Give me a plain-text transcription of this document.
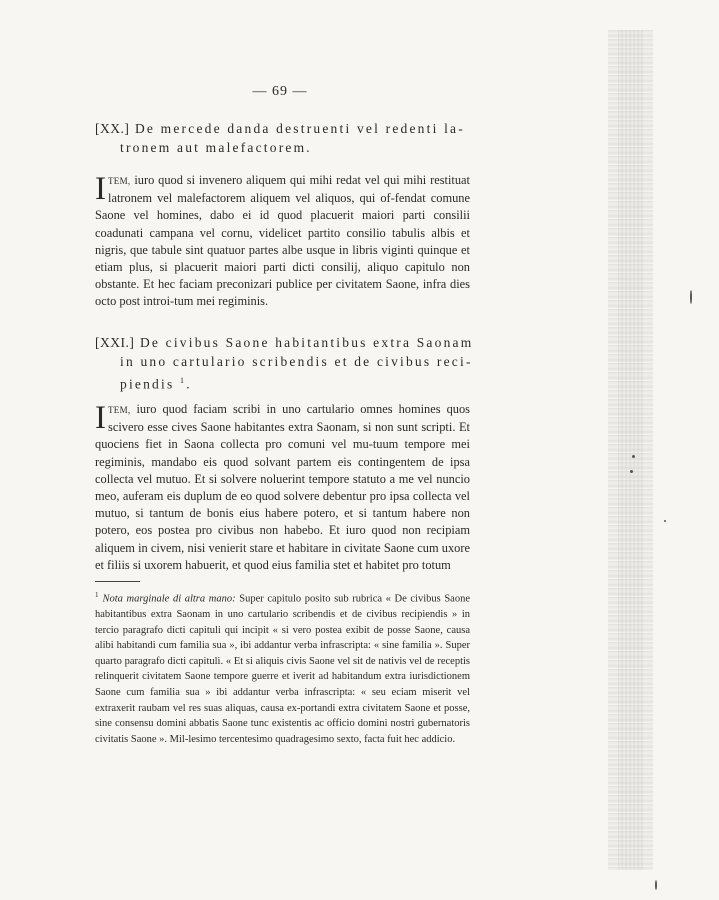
— 69 —
[XX.] De mercede danda destruenti vel redenti la-
tronem aut malefactorem.
ITEM, iuro quod si invenero aliquem qui mihi redat vel qui mihi restituat latronem vel malefactorem aliquem vel aliquos, qui of-fendat comune Saone vel homines, dabo ei id quod placuerit maiori parti consilii coadunati campana vel cornu, videlicet partito consilio tabulis albis et nigris, que tabule sint quatuor partes albe usque in libris viginti quinque et etiam plus, si placuerit maiori parti dicti consilij, aliquo capitulo non obstante. Et hec faciam preconizari publice per civitatem Saone, infra dies octo post introi-tum mei regiminis.
[XXI.] De civibus Saone habitantibus extra Saonam
in uno cartulario scribendis et de civibus reci-
piendis $^1$.
ITEM, iuro quod faciam scribi in uno cartulario omnes homines quos scivero esse cives Saone habitantes extra Saonam, si non sunt scripti. Et quociens fiet in Saona collecta pro comuni vel mu-tuum tempore mei regiminis, mandabo eis quod solvant partem eis contingentem de ipsa collecta vel mutuo. Et si solvere noluerint tempore statuto a me vel nuncio meo, auferam eis duplum de eo quod solvere debentur pro ipsa collecta vel mutuo, si tantum de bonis eius habere potero, et si tantum habere non potero, eos postea pro civibus non habebo. Et iuro quod non recipiam aliquem in civem, nisi venierit stare et habitare in civitate Saone cum uxore et filiis si uxorem habuerit, et quod eius familia stet et habitet pro totum
$^1$ Nota marginale di altra mano: Super capitulo posito sub rubrica « De civibus Saone habitantibus extra Saonam in uno cartulario scribendis et de civibus recipiendis » in tercio paragrafo dicti capituli qui incipit « si vero postea exibit de posse Saone, causa alibi habitandi cum familia sua », ibi addantur verba infrascripta: « sine familia ». Super quarto paragrafo dicti capituli. « Et si aliquis civis Saone vel sit de nativis vel de receptis relinquerit civitatem Saone tempore guerre et iverit ad habitandum extra iurisdictionem Saone cum familia sua » ibi addantur verba infrascripta: « seu eciam miserit vel extraxerit raubam vel res suas aliquas, causa ex-portandi extra civitatem Saone et posse, sine consensu domini abbatis Saone tunc existentis ac officio domini nostri gubernatoris civitatis Saone ». Mil-lesimo tercentesimo quadragesimo sexto, facta fuit hec addicio.
